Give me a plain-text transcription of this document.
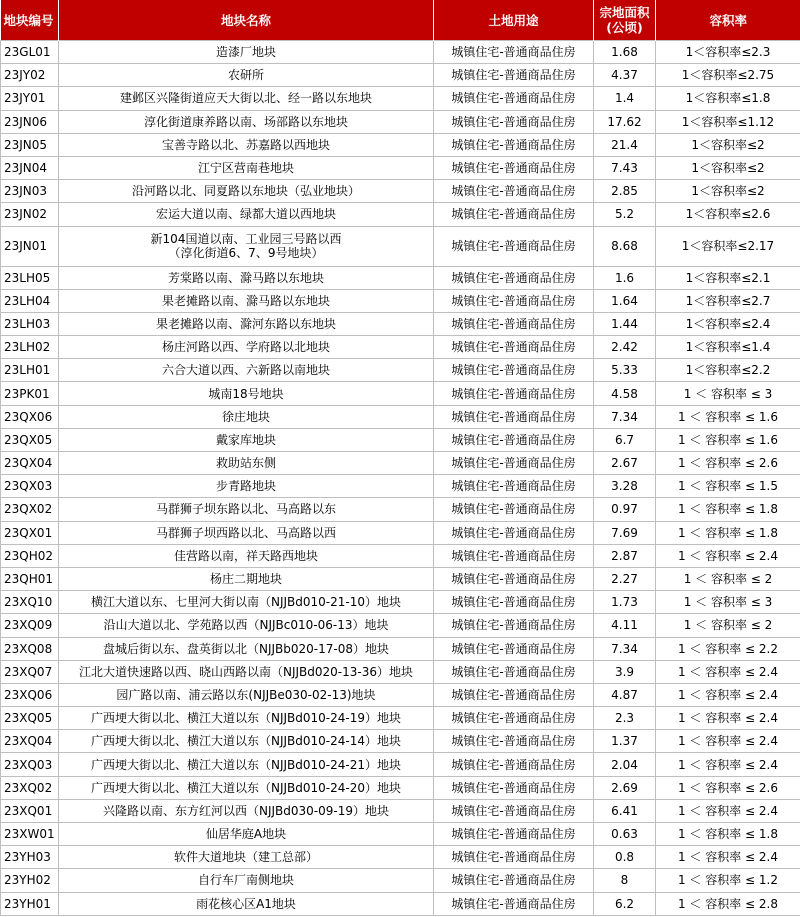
地块编号	地块名称	土地用途	宗地面积
(公顷)	容积率
23GL01	造漆厂地块	城镇住宅-普通商品住房	1.68	1＜容积率≤2.3
23JY02	农研所	城镇住宅-普通商品住房	4.37	1＜容积率≤2.75
23JY01	建邺区兴隆街道应天大街以北、经一路以东地块	城镇住宅-普通商品住房	1.4	1＜容积率≤1.8
23JN06	淳化街道康养路以南、场部路以东地块	城镇住宅-普通商品住房	17.62	1＜容积率≤1.12
23JN05	宝善寺路以北、苏嘉路以西地块	城镇住宅-普通商品住房	21.4	1＜容积率≤2
23JN04	江宁区营南巷地块	城镇住宅-普通商品住房	7.43	1＜容积率≤2
23JN03	沿河路以北、同夏路以东地块（弘业地块）	城镇住宅-普通商品住房	2.85	1＜容积率≤2
23JN02	宏运大道以南、绿都大道以西地块	城镇住宅-普通商品住房	5.2	1＜容积率≤2.6
23JN01	新104国道以南、工业园三号路以西
（淳化街道6、7、9号地块）	城镇住宅-普通商品住房	8.68	1＜容积率≤2.17
23LH05	芳棠路以南、滁马路以东地块	城镇住宅-普通商品住房	1.6	1＜容积率≤2.1
23LH04	果老摊路以南、滁马路以东地块	城镇住宅-普通商品住房	1.64	1＜容积率≤2.7
23LH03	果老摊路以南、滁河东路以东地块	城镇住宅-普通商品住房	1.44	1＜容积率≤2.4
23LH02	杨庄河路以西、学府路以北地块	城镇住宅-普通商品住房	2.42	1＜容积率≤1.4
23LH01	六合大道以西、六新路以南地块	城镇住宅-普通商品住房	5.33	1＜容积率≤2.2
23PK01	城南18号地块	城镇住宅-普通商品住房	4.58	1 ＜ 容积率 ≤ 3
23QX06	徐庄地块	城镇住宅-普通商品住房	7.34	1 ＜ 容积率 ≤ 1.6
23QX05	戴家库地块	城镇住宅-普通商品住房	6.7	1 ＜ 容积率 ≤ 1.6
23QX04	救助站东侧	城镇住宅-普通商品住房	2.67	1 ＜ 容积率 ≤ 2.6
23QX03	步青路地块	城镇住宅-普通商品住房	3.28	1 ＜ 容积率 ≤ 1.5
23QX02	马群狮子坝东路以北、马高路以东	城镇住宅-普通商品住房	0.97	1 ＜ 容积率 ≤ 1.8
23QX01	马群狮子坝西路以北、马高路以西	城镇住宅-普通商品住房	7.69	1 ＜ 容积率 ≤ 1.8
23QH02	佳营路以南，祥天路西地块	城镇住宅-普通商品住房	2.87	1 ＜ 容积率 ≤ 2.4
23QH01	杨庄二期地块	城镇住宅-普通商品住房	2.27	1 ＜ 容积率 ≤ 2
23XQ10	横江大道以东、七里河大街以南（NJJBd010-21-10）地块	城镇住宅-普通商品住房	1.73	1 ＜ 容积率 ≤ 3
23XQ09	沿山大道以北、学苑路以西（NJJBc010-06-13）地块	城镇住宅-普通商品住房	4.11	1 ＜ 容积率 ≤ 2
23XQ08	盘城后街以东、盘英街以北（NJJBb020-17-08）地块	城镇住宅-普通商品住房	7.34	1 ＜ 容积率 ≤ 2.2
23XQ07	江北大道快速路以西、晓山西路以南（NJJBd020-13-36）地块	城镇住宅-普通商品住房	3.9	1 ＜ 容积率 ≤ 2.4
23XQ06	园广路以南、浦云路以东(NJJBe030-02-13)地块	城镇住宅-普通商品住房	4.87	1 ＜ 容积率 ≤ 2.4
23XQ05	广西埂大街以北、横江大道以东（NJJBd010-24-19）地块	城镇住宅-普通商品住房	2.3	1 ＜ 容积率 ≤ 2.4
23XQ04	广西埂大街以北、横江大道以东（NJJBd010-24-14）地块	城镇住宅-普通商品住房	1.37	1 ＜ 容积率 ≤ 2.4
23XQ03	广西埂大街以北、横江大道以东（NJJBd010-24-21）地块	城镇住宅-普通商品住房	2.04	1 ＜ 容积率 ≤ 2.4
23XQ02	广西埂大街以北、横江大道以东（NJJBd010-24-20）地块	城镇住宅-普通商品住房	2.69	1 ＜ 容积率 ≤ 2.6
23XQ01	兴隆路以南、东方红河以西（NJJBd030-09-19）地块	城镇住宅-普通商品住房	6.41	1 ＜ 容积率 ≤ 2.4
23XW01	仙居华庭A地块	城镇住宅-普通商品住房	0.63	1 ＜ 容积率 ≤ 1.8
23YH03	软件大道地块（建工总部）	城镇住宅-普通商品住房	0.8	1 ＜ 容积率 ≤ 2.4
23YH02	自行车厂南侧地块	城镇住宅-普通商品住房	8	1 ＜ 容积率 ≤ 1.2
23YH01	雨花核心区A1地块	城镇住宅-普通商品住房	6.2	1 ＜ 容积率 ≤ 2.8
